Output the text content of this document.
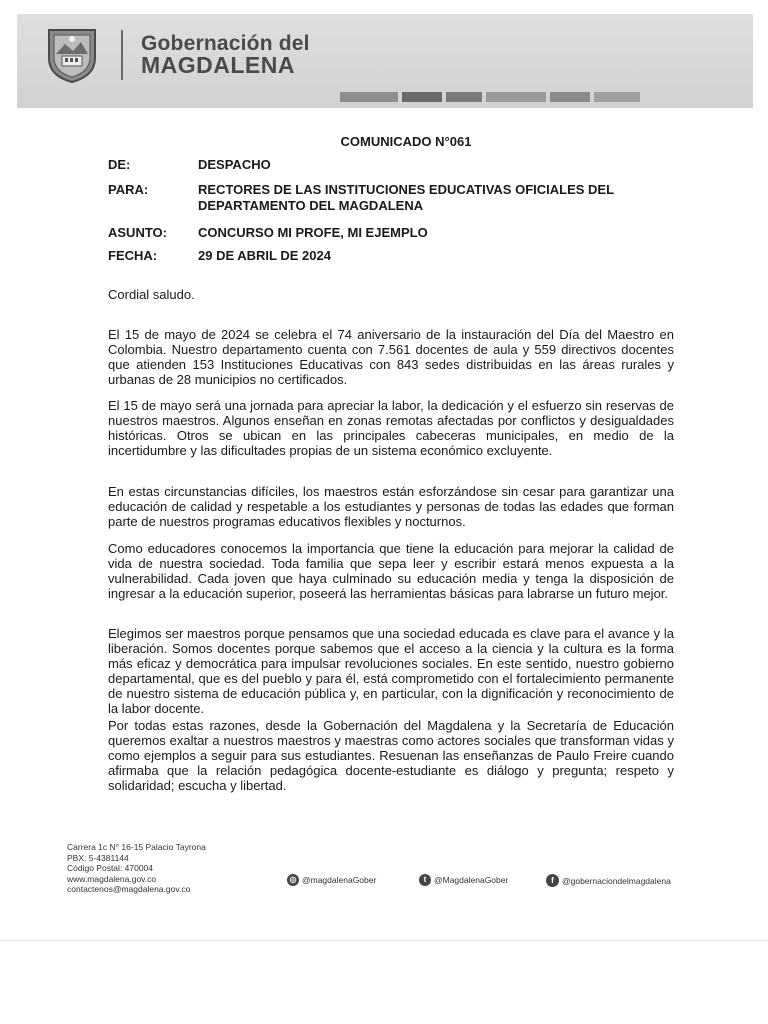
Gobernación del
MAGDALENA
COMUNICADO N°061
DE:	DESPACHO
PARA:	RECTORES DE LAS INSTITUCIONES EDUCATIVAS OFICIALES DEL DEPARTAMENTO DEL MAGDALENA
ASUNTO: CONCURSO MI PROFE, MI EJEMPLO
FECHA:	29 DE ABRIL DE 2024
Cordial saludo.
El 15 de mayo de 2024 se celebra el 74 aniversario de la instauración del Día del Maestro en Colombia. Nuestro departamento cuenta con 7.561 docentes de aula y 559 directivos docentes que atienden 153 Instituciones Educativas con 843 sedes distribuidas en las áreas rurales y urbanas de 28 municipios no certificados.
El 15 de mayo será una jornada para apreciar la labor, la dedicación y el esfuerzo sin reservas de nuestros maestros. Algunos enseñan en zonas remotas afectadas por conflictos y desigualdades históricas. Otros se ubican en las principales cabeceras municipales, en medio de la incertidumbre y las dificultades propias de un sistema económico excluyente.
En estas circunstancias difíciles, los maestros están esforzándose sin cesar para garantizar una educación de calidad y respetable a los estudiantes y personas de todas las edades que forman parte de nuestros programas educativos flexibles y nocturnos.
Como educadores conocemos la importancia que tiene la educación para mejorar la calidad de vida de nuestra sociedad. Toda familia que sepa leer y escribir estará menos expuesta a la vulnerabilidad. Cada joven que haya culminado su educación media y tenga la disposición de ingresar a la educación superior, poseerá las herramientas básicas para labrarse un futuro mejor.
Elegimos ser maestros porque pensamos que una sociedad educada es clave para el avance y la liberación. Somos docentes porque sabemos que el acceso a la ciencia y la cultura es la forma más eficaz y democrática para impulsar revoluciones sociales. En este sentido, nuestro gobierno departamental, que es del pueblo y para él, está comprometido con el fortalecimiento permanente de nuestro sistema de educación pública y, en particular, con la dignificación y reconocimiento de la labor docente.
Por todas estas razones, desde la Gobernación del Magdalena y la Secretaría de Educación queremos exaltar a nuestros maestros y maestras como actores sociales que transforman vidas y como ejemplos a seguir para sus estudiantes. Resuenan las enseñanzas de Paulo Freire cuando afirmaba que la relación pedagógica docente-estudiante es diálogo y pregunta; respeto y solidaridad; escucha y libertad.
Carrera 1c N° 16-15 Palacio Tayrona
PBX: 5-4381144
Código Postal: 470004
www.magdalena.gov.co
contactenos@magdalena.gov.co
◎ @magdalenaGober	t @MagdalenaGober	f @gobernaciondelmagdalena
